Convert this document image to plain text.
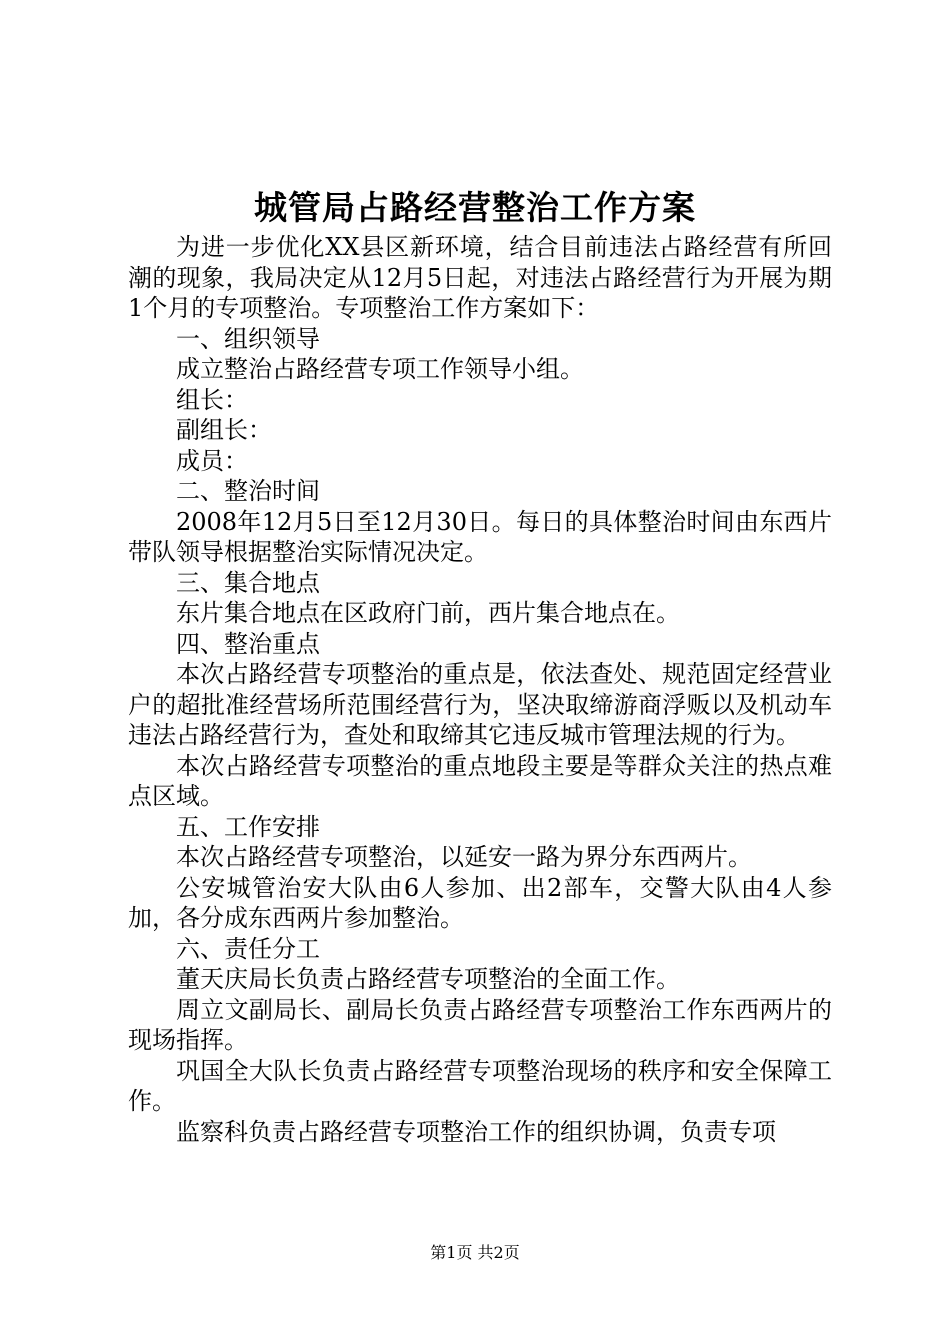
城管局占路经营整治工作方案

为进一步优化XX县区新环境，结合目前违法占路经营有所回潮的现象，我局决定从12月5日起，对违法占路经营行为开展为期1个月的专项整治。专项整治工作方案如下：

一、组织领导

成立整治占路经营专项工作领导小组。

组长：

副组长：

成员：

二、整治时间

2008年12月5日至12月30日。每日的具体整治时间由东西片带队领导根据整治实际情况决定。

三、集合地点

东片集合地点在区政府门前，西片集合地点在。

四、整治重点

本次占路经营专项整治的重点是，依法查处、规范固定经营业户的超批准经营场所范围经营行为，坚决取缔游商浮贩以及机动车违法占路经营行为，查处和取缔其它违反城市管理法规的行为。

本次占路经营专项整治的重点地段主要是等群众关注的热点难点区域。

五、工作安排

本次占路经营专项整治，以延安一路为界分东西两片。

公安城管治安大队由6人参加、出2部车，交警大队由4人参加，各分成东西两片参加整治。

六、责任分工

董天庆局长负责占路经营专项整治的全面工作。

周立文副局长、副局长负责占路经营专项整治工作东西两片的现场指挥。

巩国全大队长负责占路经营专项整治现场的秩序和安全保障工作。

监察科负责占路经营专项整治工作的组织协调，负责专项

第1页 共2页
